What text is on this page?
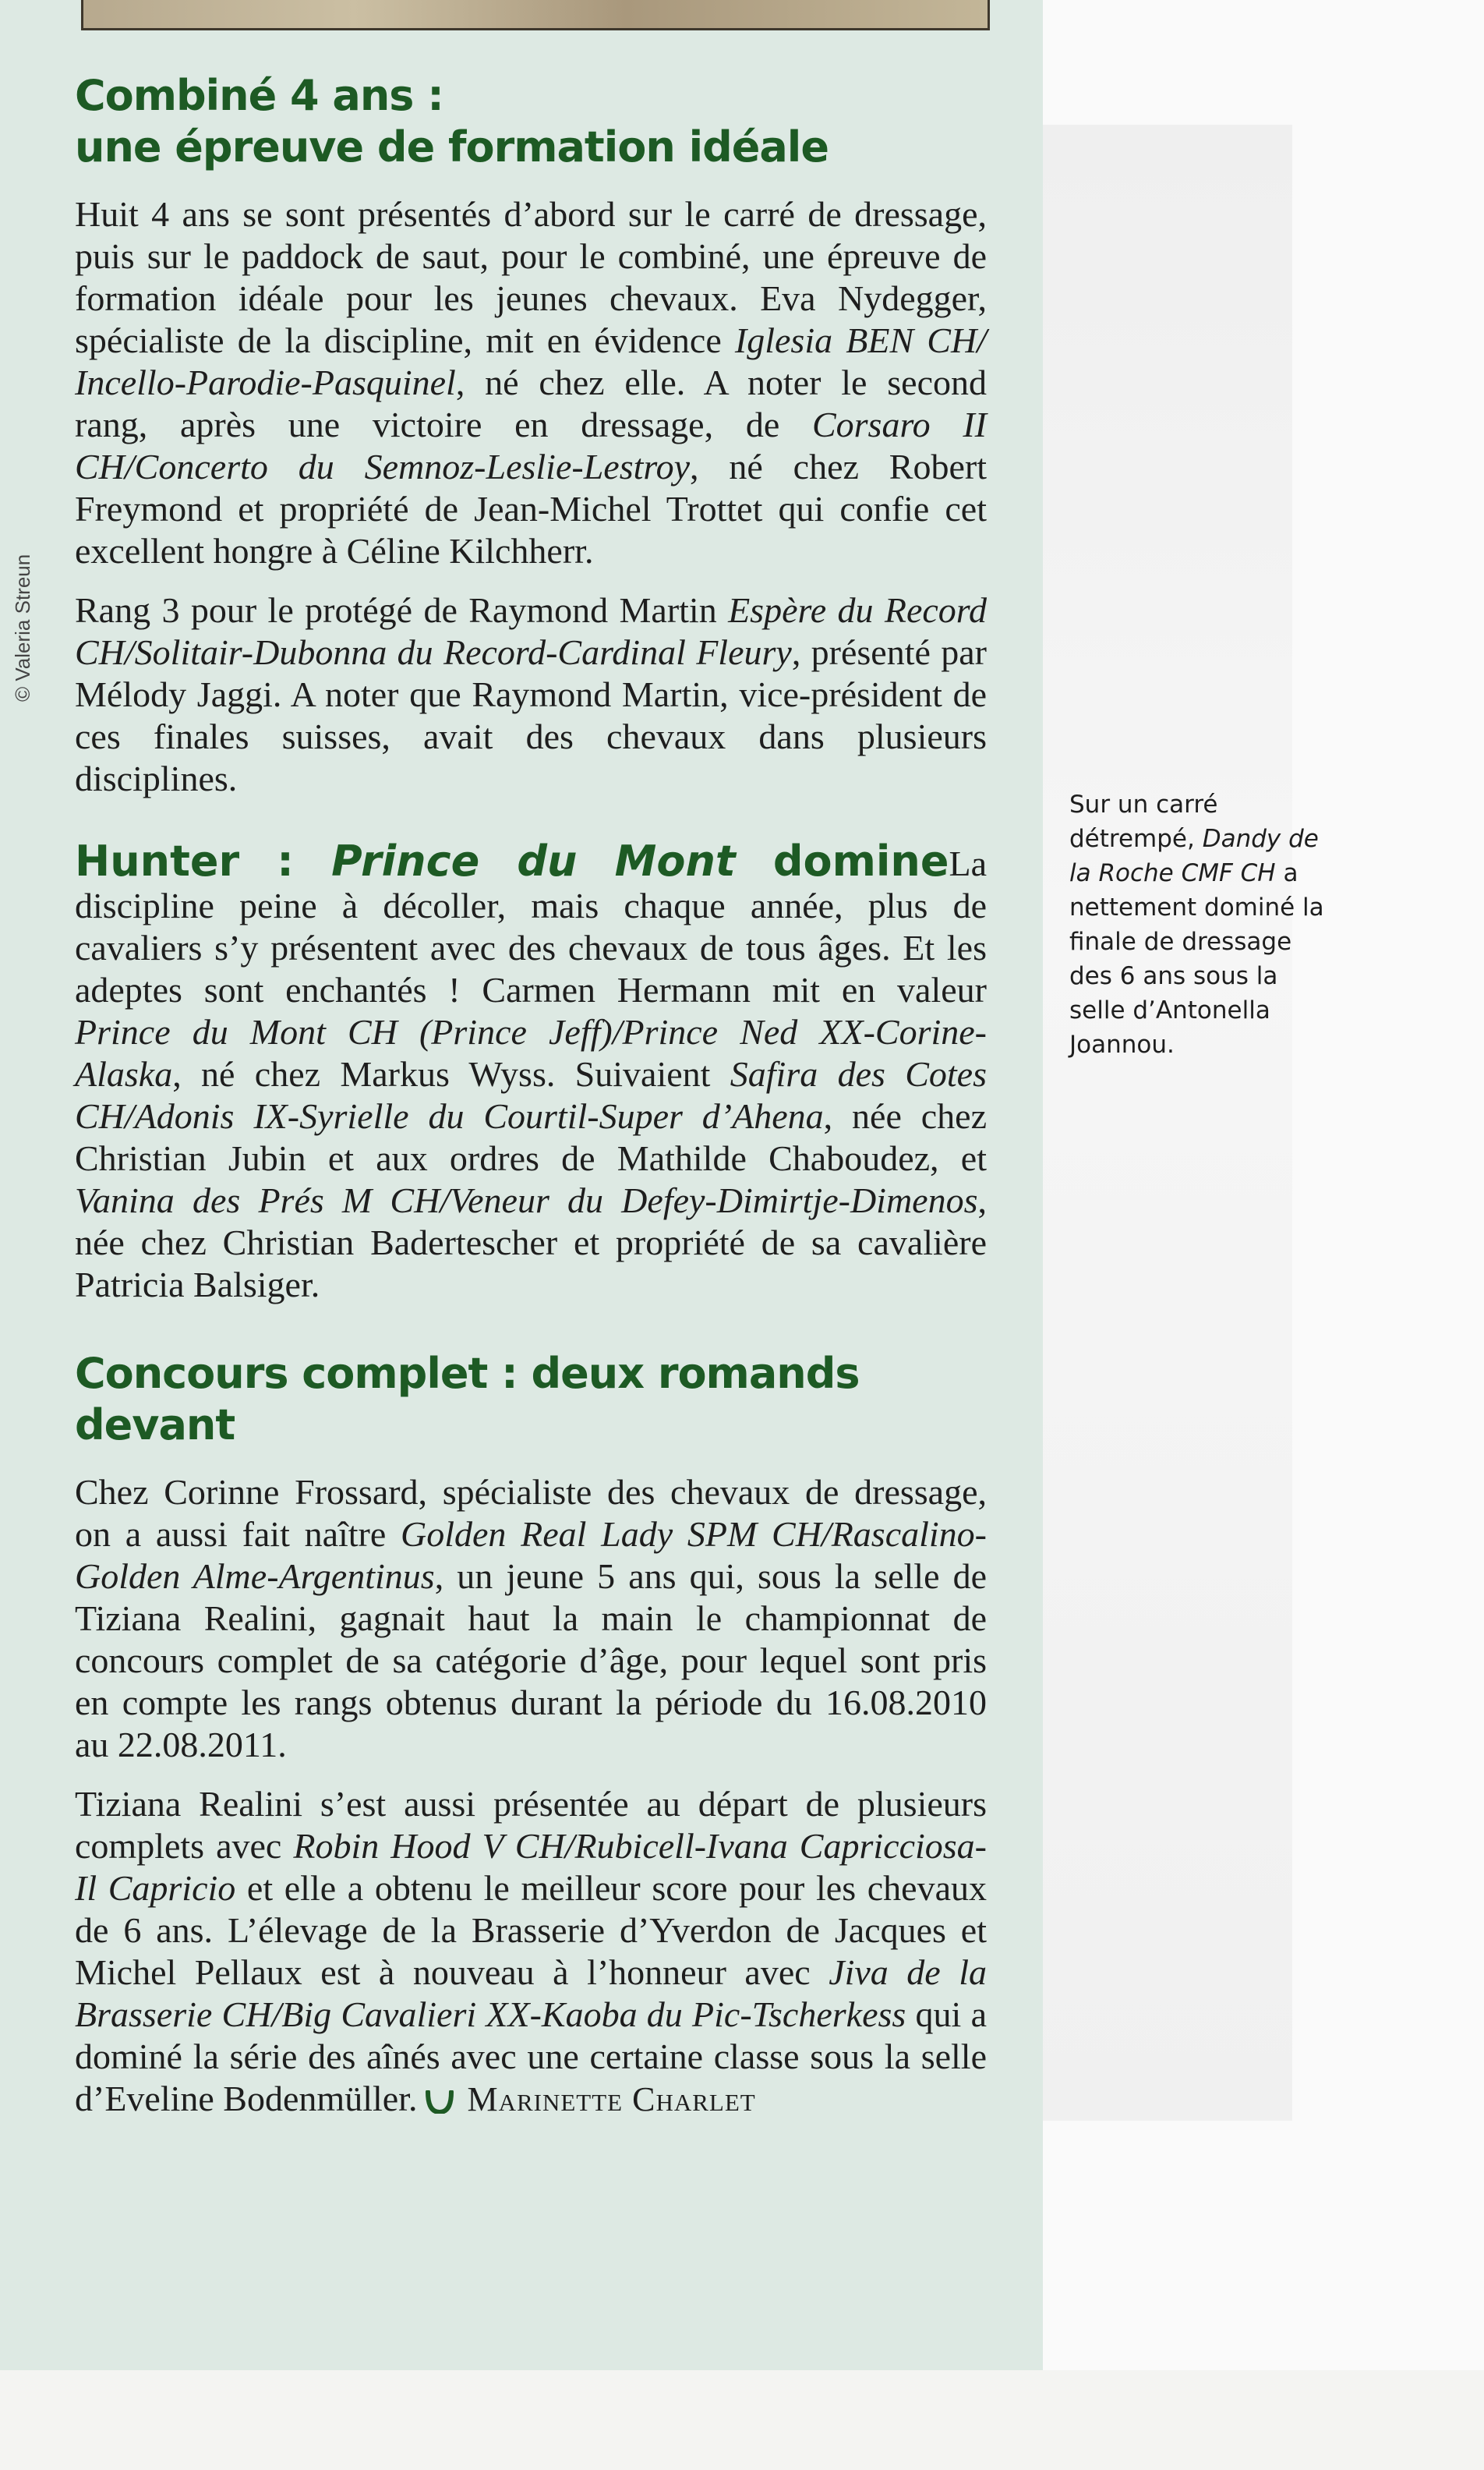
© Valeria Streun
Combiné 4 ans :
une épreuve de formation idéale

Huit 4 ans se sont présentés d’abord sur le carré de dressage, puis sur le paddock de saut, pour le combiné, une épreuve de formation idéale pour les jeunes chevaux. Eva Nydegger, spécialiste de la discipline, mit en évidence Iglesia BEN CH/ Incello-Parodie-Pasquinel, né chez elle. A noter le second rang, après une victoire en dressage, de Corsaro II CH/Concerto du Semnoz-Leslie-Lestroy, né chez Robert Freymond et propriété de Jean-Michel Trottet qui confie cet excellent hongre à Céline Kilchherr.

Rang 3 pour le protégé de Raymond Martin Espère du Record CH/Solitair-Dubonna du Record-Cardinal Fleury, présenté par Mélody Jaggi. A noter que Raymond Martin, vice-président de ces finales suisses, avait des chevaux dans plusieurs disciplines.

Hunter : Prince du Mont domineLa discipline peine à décoller, mais chaque année, plus de cavaliers s’y présentent avec des chevaux de tous âges. Et les adeptes sont enchantés ! Carmen Hermann mit en valeur Prince du Mont CH (Prince Jeff)/Prince Ned XX-Corine-Alaska, né chez Markus Wyss. Suivaient Safira des Cotes CH/Adonis IX-Syrielle du Courtil-Super d’Ahena, née chez Christian Jubin et aux ordres de Mathilde Chaboudez, et Vanina des Prés M CH/Veneur du Defey-Dimirtje-Dimenos, née chez Christian Badertescher et propriété de sa cavalière Patricia Balsiger.

Concours complet : deux romands devant

Chez Corinne Frossard, spécialiste des chevaux de dressage, on a aussi fait naître Golden Real Lady SPM CH/Rascalino-Golden Alme-Argentinus, un jeune 5 ans qui, sous la selle de Tiziana Realini, gagnait haut la main le championnat de concours complet de sa catégorie d’âge, pour lequel sont pris en compte les rangs obtenus durant la période du 16.08.2010 au 22.08.2011.

Tiziana Realini s’est aussi présentée au départ de plusieurs complets avec Robin Hood V CH/Rubicell-Ivana Capricciosa-Il Capricio et elle a obtenu le meilleur score pour les chevaux de 6 ans. L’élevage de la Brasserie d’Yverdon de Jacques et Michel Pellaux est à nouveau à l’honneur avec Jiva de la Brasserie CH/Big Cavalieri XX-Kaoba du Pic-Tscherkess qui a dominé la série des aînés avec une certaine classe sous la selle d’Eveline Bodenmüller. Marinette Charlet

Sur un carré détrempé, Dandy de la Roche CMF CH a nettement dominé la finale de dressage des 6 ans sous la selle d’Antonella Joannou.
